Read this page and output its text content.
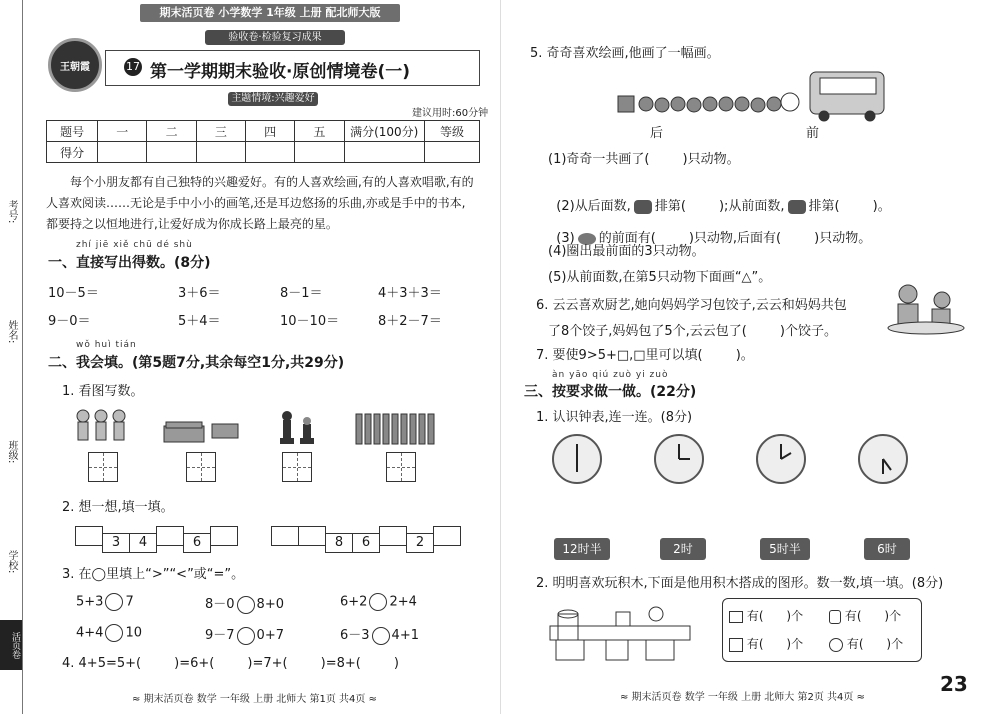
考号:
姓名:
班级:
学校:
活页卷
期末活页卷 小学数学 1年级 上册 配北师大版
验收卷·检验复习成果
王朝霞	17 第一学期期末验收·原创情境卷(一)
主题情境:兴趣爱好
建议用时:60分钟
题号	一	二	三	四	五	满分(100分)	等级
得分							
每个小朋友都有自己独特的兴趣爱好。有的人喜欢绘画,有的人喜欢唱歌,有的
人喜欢阅读……无论是手中小小的画笔,还是耳边悠扬的乐曲,亦或是手中的书本,
都要持之以恒地进行,让爱好成为你成长路上最亮的星。
zhí jiē xiě chū dé shù
一、直接写出得数。(8分)
10－5＝	3＋6＝	8－1＝	4＋3＋3＝
9－0＝	5＋4＝	10－10＝	8＋2－7＝
wǒ huì tián
二、我会填。(第5题7分,其余每空1分,共29分)
1. 看图写数。
2. 想一想,填一填。
3 4	6	8 6	2
3. 在◯里填上“>”“<”或“=”。
5+3 7	8－0 8+0	6+2 2+4
4+4 10	9－7 0+7	6－3 4+1
4. 4+5=5+(        )=6+(        )=7+(        )=8+(        )
≈ 期末活页卷 数学 一年级 上册 北师大 第1页 共4页 ≈
5. 奇奇喜欢绘画,他画了一幅画。
后	前
(1)奇奇一共画了(        )只动物。

(2)从后面数, 排第(        );从前面数, 排第(        )。

(3) 的前面有(        )只动物,后面有(        )只动物。

(4)圈出最前面的3只动物。
(5)从前面数,在第5只动物下面画“△”。
6. 云云喜欢厨艺,她向妈妈学习包饺子,云云和妈妈共包
了8个饺子,妈妈包了5个,云云包了(        )个饺子。
7. 要使9>5+□,□里可以填(        )。
àn yāo qiú zuò yi zuò
三、按要求做一做。(22分)
1. 认识钟表,连一连。(8分)
12时半	2时	5时半	6时
2. 明明喜欢玩积木,下面是他用积木搭成的图形。数一数,填一填。(8分)
有(      )个	有(      )个
有(      )个	有(      )个
≈ 期末活页卷 数学 一年级 上册 北师大 第2页 共4页 ≈
23
